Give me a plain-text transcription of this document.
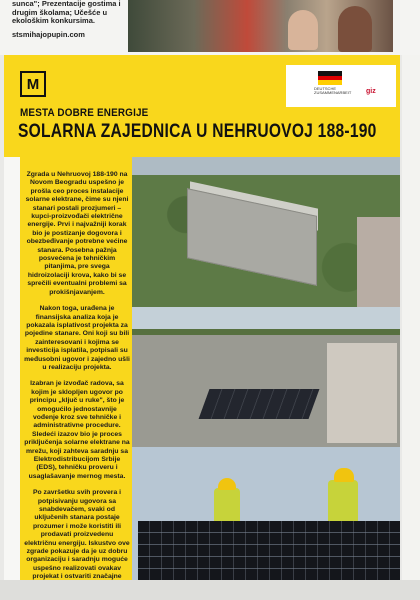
sunca"; Prezentacije gostima i drugim školama; Učešće u ekološkim konkursima.
stsmihajopupin.com
M	DEUTSCHE ZUSAMMENARBEIT	giz
MESTA DOBRE ENERGIJE
SOLARNA ZAJEDNICA U NEHRUOVOJ 188-190

Zgrada u Nehruovoj 188-190 na Novom Beogradu uspešno je prošla ceo proces instalacije solarne elektrane, čime su njeni stanari postali prozjumeri – kupci-proizvođači električne energije. Prvi i najvažniji korak bio je postizanje dogovora i obezbeđivanje potrebne većine stanara. Posebna pažnja posvećena je tehničkim pitanjima, pre svega hidroizolaciji krova, kako bi se sprečili eventualni problemi sa prokišnjavanjem.

Nakon toga, urađena je finansijska analiza koja je pokazala isplativost projekta za pojedine stanare. Oni koji su bili zainteresovani i kojima se investicija isplatila, potpisali su međusobni ugovor i zajedno ušli u realizaciju projekta.

Izabran je izvođač radova, sa kojim je sklopljen ugovor po principu „ključ u ruke", što je omogućilo jednostavnije vođenje kroz sve tehničke i administrativne procedure. Sledeći izazov bio je proces priključenja solarne elektrane na mrežu, koji zahteva saradnju sa Elektrodistribucijom Srbije (EDS), tehničku proveru i usaglašavanje mernog mesta.

Po završetku svih provera i potpisivanju ugovora sa snabdevačem, svaki od uključenih stanara postaje prozumer i može koristiti ili prodavati proizvedenu električnu energiju. Iskustvo ove zgrade pokazuje da je uz dobru organizaciju i saradnju moguće uspešno realizovati ovakav projekat i ostvariti značajne
